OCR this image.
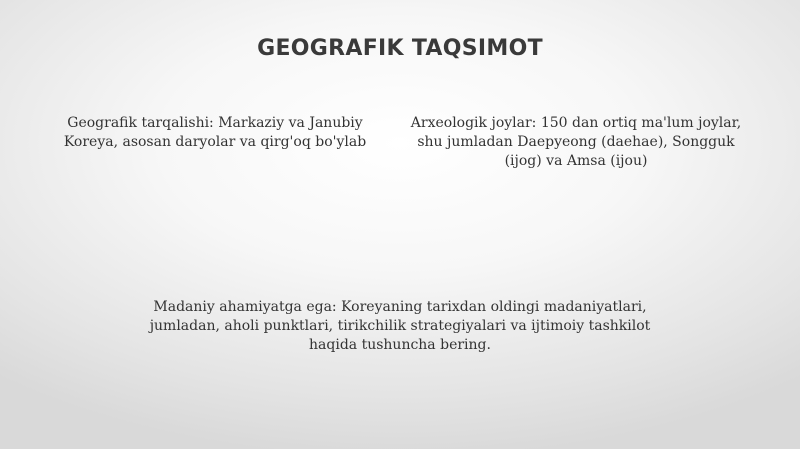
GEOGRAFIK TAQSIMOT

Geografik tarqalishi: Markaziy va Janubiy Koreya, asosan daryolar va qirg'oq bo'ylab

Arxeologik joylar: 150 dan ortiq ma'lum joylar, shu jumladan Daepyeong (daehae), Songguk (ijog) va Amsa (ijou)

Madaniy ahamiyatga ega: Koreyaning tarixdan oldingi madaniyatlari, jumladan, aholi punktlari, tirikchilik strategiyalari va ijtimoiy tashkilot haqida tushuncha bering.
